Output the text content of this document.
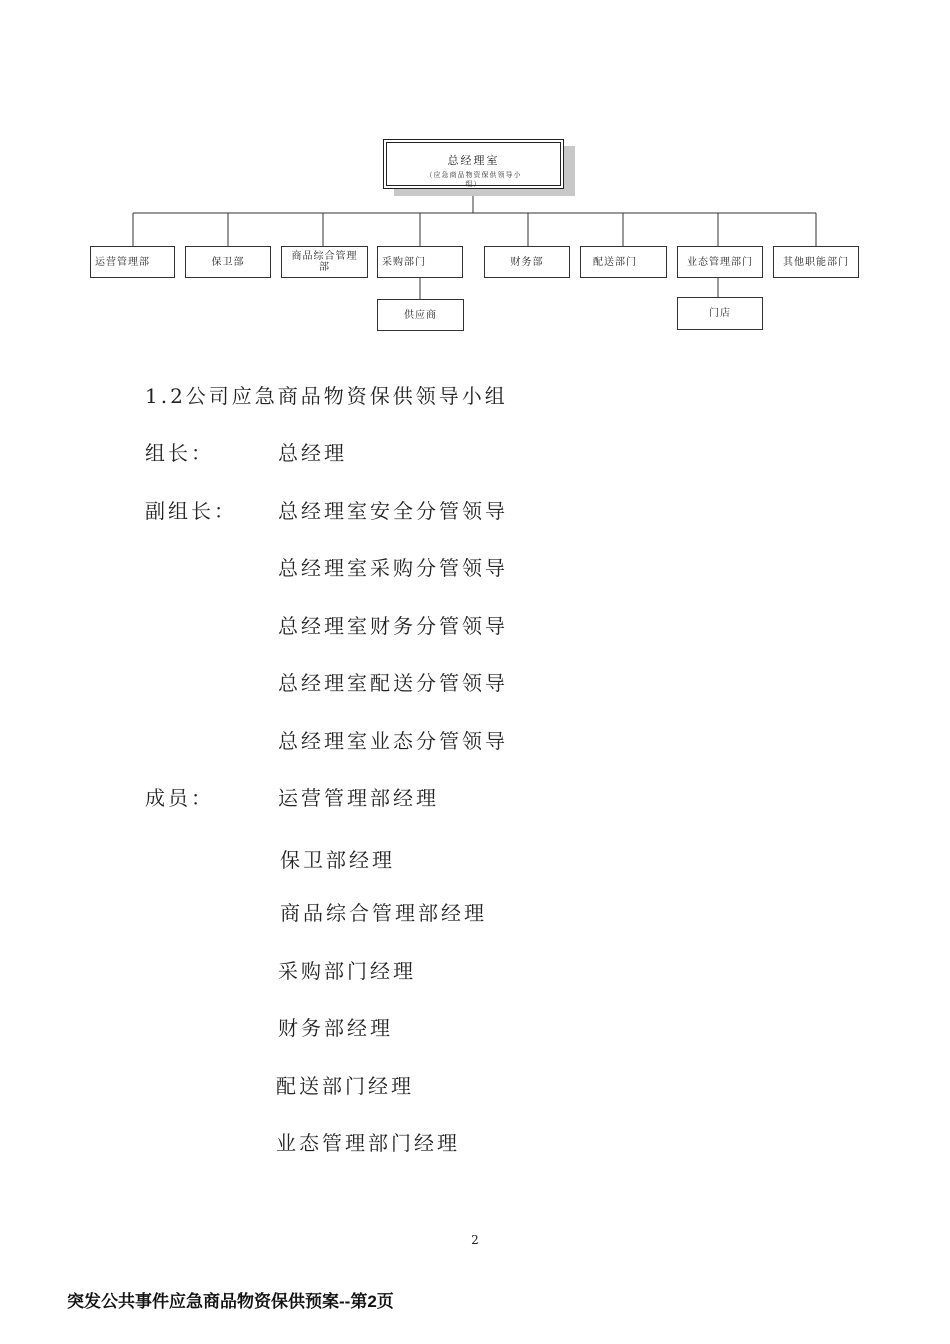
总经理室
（应急商品物资保供领导小组）
运营管理部	保卫部	商品综合管理部	采购部门	财务部	配送部门	业态管理部门	其他职能部门
供应商	门店
1.2公司应急商品物资保供领导小组
组长：	总经理
副组长： 总经理室安全分管领导
总经理室采购分管领导
总经理室财务分管领导
总经理室配送分管领导
总经理室业态分管领导
成员：	运营管理部经理
保卫部经理
商品综合管理部经理
采购部门经理
财务部经理
配送部门经理
业态管理部门经理
2
突发公共事件应急商品物资保供预案--第2页
